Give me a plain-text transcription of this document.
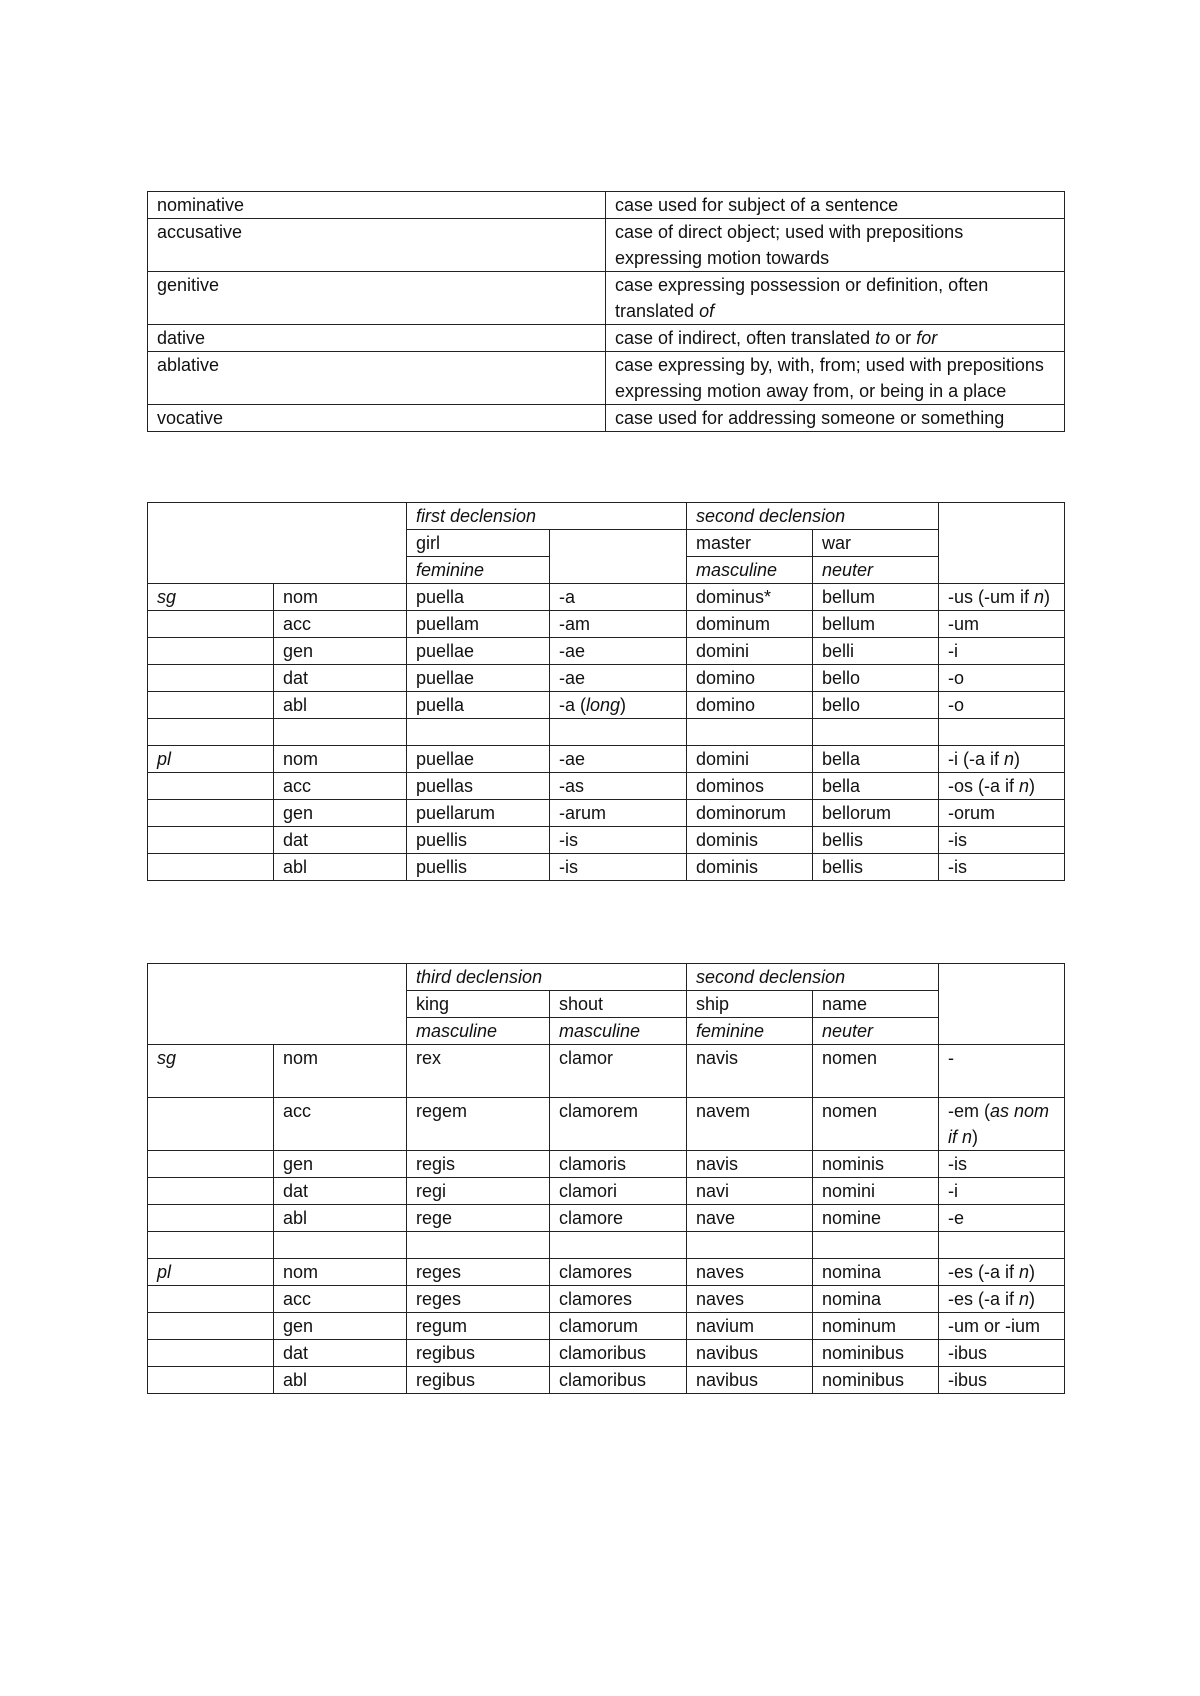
nominative	case used for subject of a sentence
accusative	case of direct object; used with prepositions expressing motion towards
genitive	case expressing possession or definition, often translated of
dative	case of indirect, often translated to or for
ablative	case expressing by, with, from; used with prepositions expressing motion away from, or being in a place
vocative	case used for addressing someone or something
		first declension		second declension		
		girl		master	war	
		feminine		masculine	neuter	
sg	nom	puella	-a	dominus*	bellum	-us (-um if n)
	acc	puellam	-am	dominum	bellum	-um
	gen	puellae	-ae	domini	belli	-i
	dat	puellae	-ae	domino	bello	-o
	abl	puella	-a (long)	domino	bello	-o

pl	nom	puellae	-ae	domini	bella	-i (-a if n)
	acc	puellas	-as	dominos	bella	-os (-a if n)
	gen	puellarum	-arum	dominorum	bellorum	-orum
	dat	puellis	-is	dominis	bellis	-is
	abl	puellis	-is	dominis	bellis	-is
		third declension		second declension		
		king	shout	ship	name	
		masculine	masculine	feminine	neuter	
sg	nom	rex	clamor	navis	nomen	-
	acc	regem	clamorem	navem	nomen	-em (as nom if n)
	gen	regis	clamoris	navis	nominis	-is
	dat	regi	clamori	navi	nomini	-i
	abl	rege	clamore	nave	nomine	-e

pl	nom	reges	clamores	naves	nomina	-es (-a if n)
	acc	reges	clamores	naves	nomina	-es (-a if n)
	gen	regum	clamorum	navium	nominum	-um or -ium
	dat	regibus	clamoribus	navibus	nominibus	-ibus
	abl	regibus	clamoribus	navibus	nominibus	-ibus
